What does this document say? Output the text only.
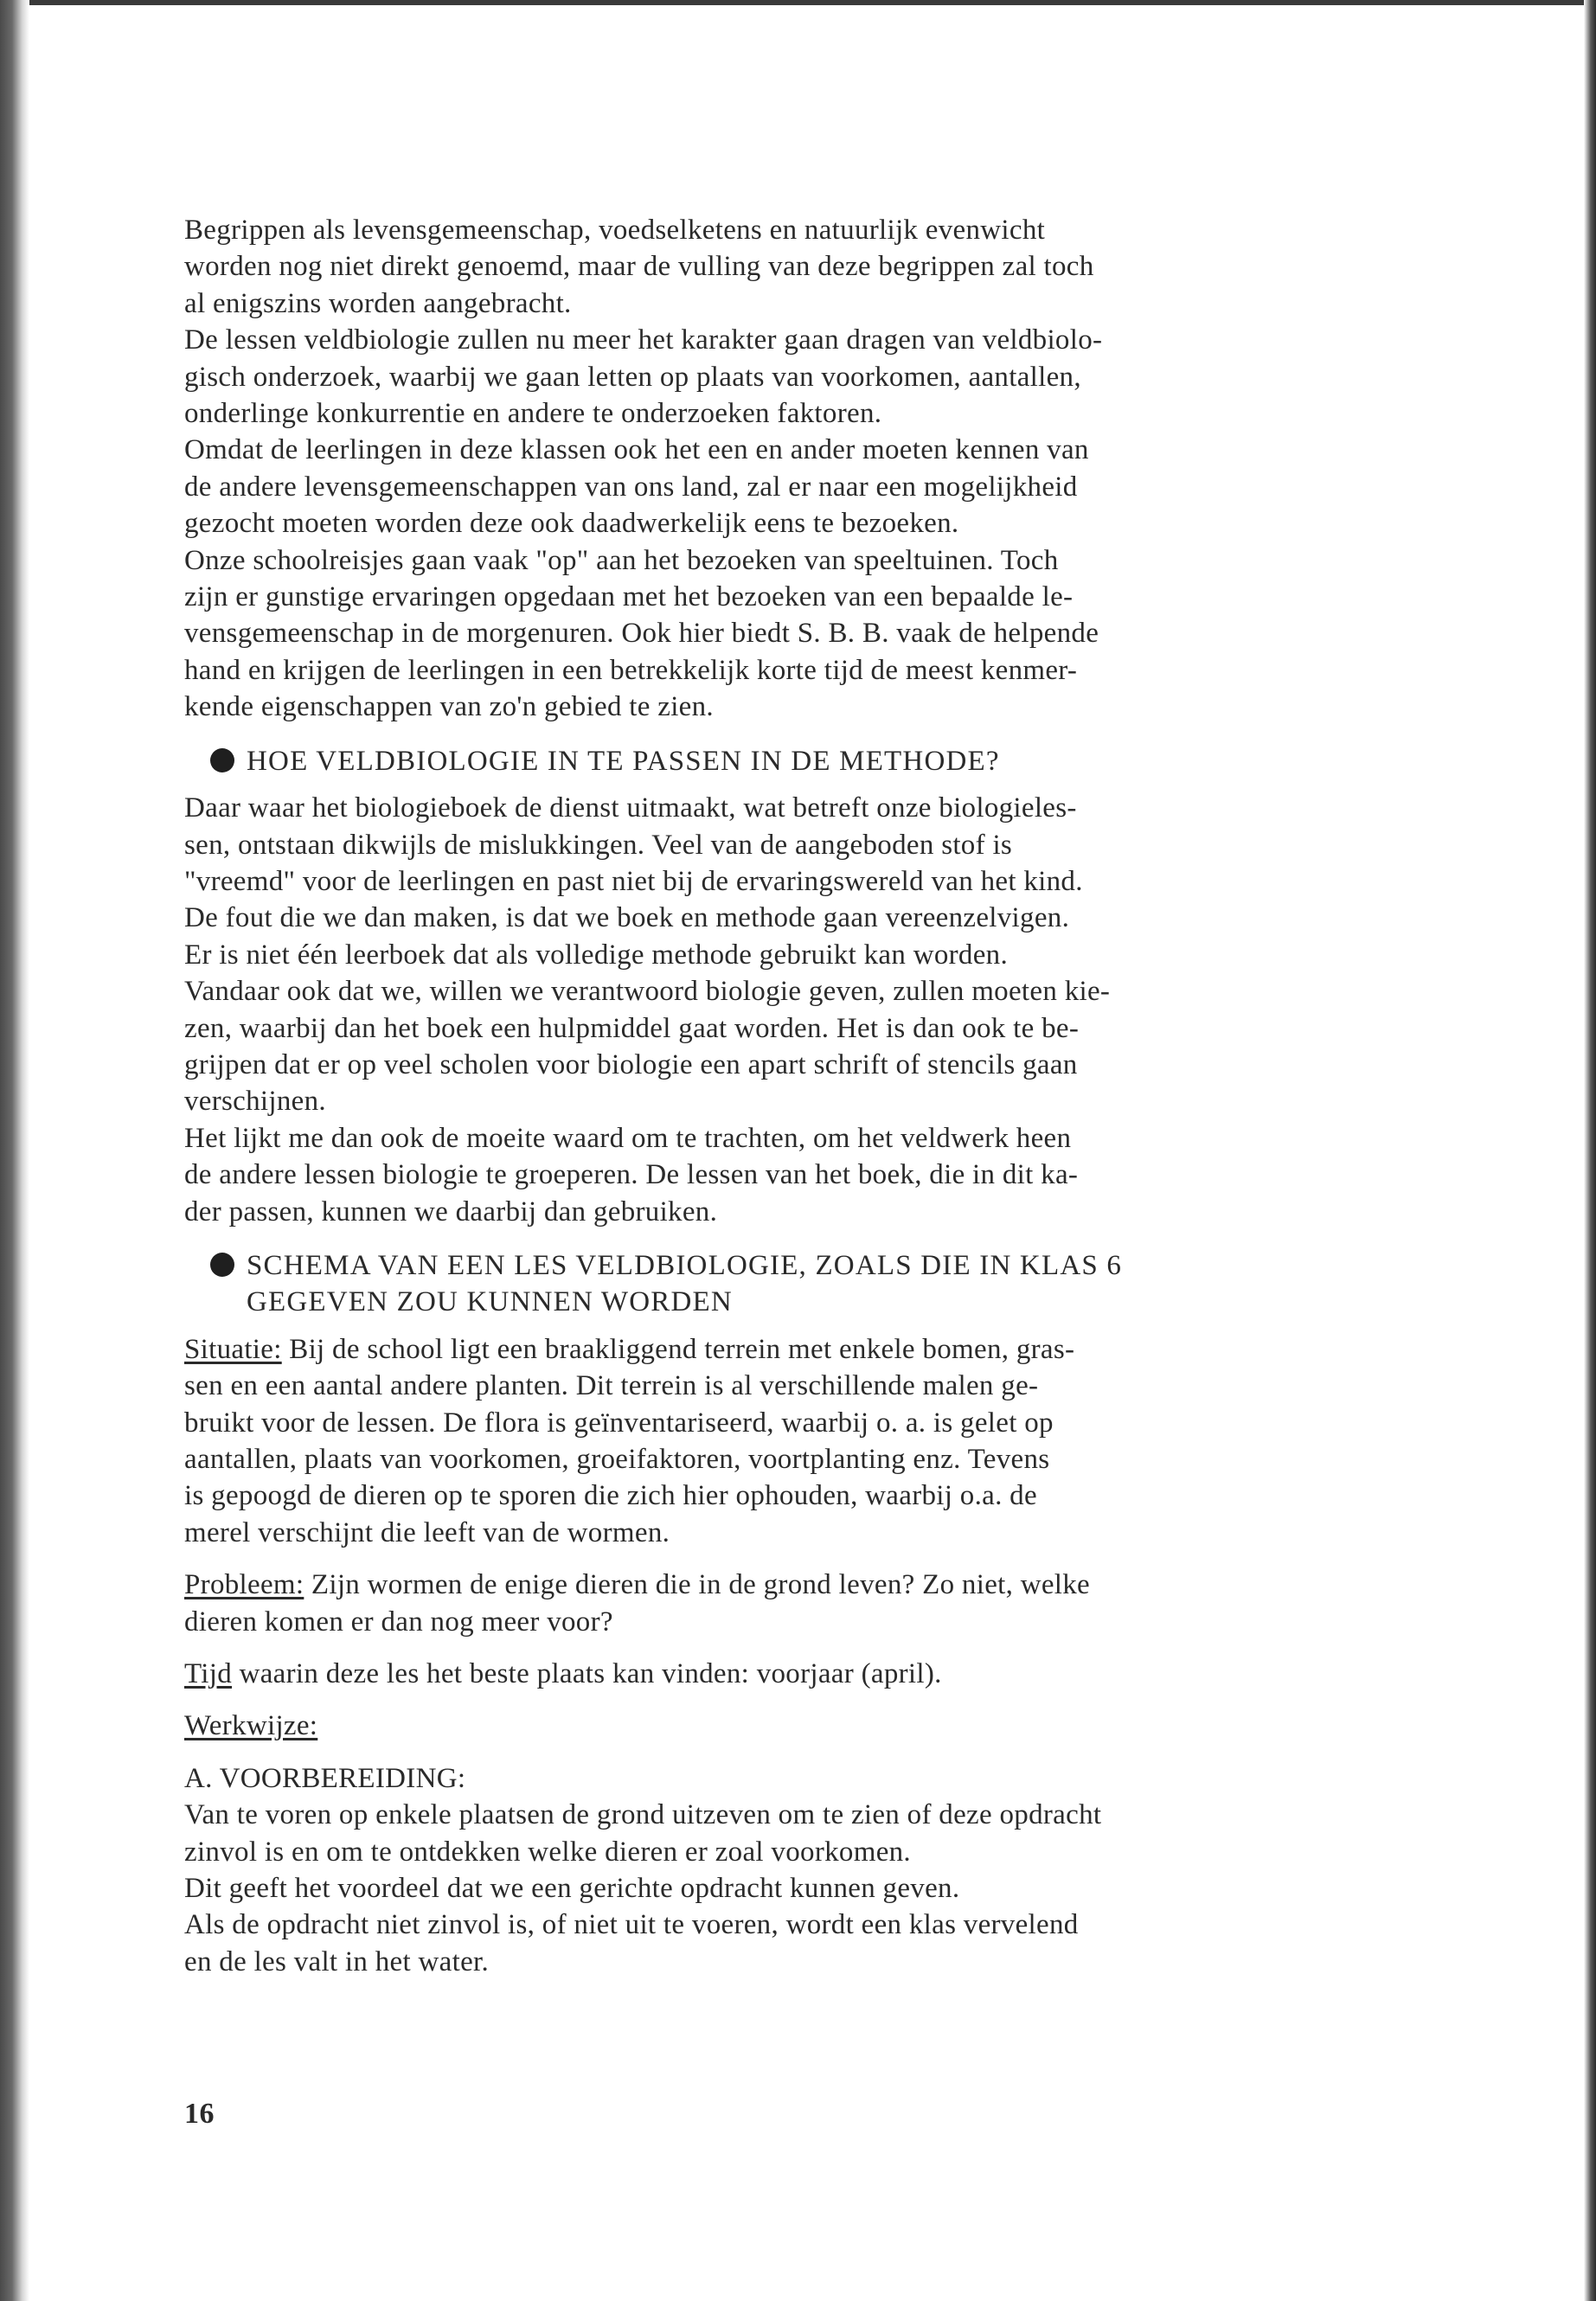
Begrippen als levensgemeenschap, voedselketens en natuurlijk evenwicht

worden nog niet direkt genoemd, maar de vulling van deze begrippen zal toch

al enigszins worden aangebracht.

De lessen veldbiologie zullen nu meer het karakter gaan dragen van veldbiolo-

gisch onderzoek, waarbij we gaan letten op plaats van voorkomen, aantallen,

onderlinge konkurrentie en andere te onderzoeken faktoren.

Omdat de leerlingen in deze klassen ook het een en ander moeten kennen van

de andere levensgemeenschappen van ons land, zal er naar een mogelijkheid

gezocht moeten worden deze ook daadwerkelijk eens te bezoeken.

Onze schoolreisjes gaan vaak "op" aan het bezoeken van speeltuinen. Toch

zijn er gunstige ervaringen opgedaan met het bezoeken van een bepaalde le-

vensgemeenschap in de morgenuren. Ook hier biedt S. B. B. vaak de helpende

hand en krijgen de leerlingen in een betrekkelijk korte tijd de meest kenmer-

kende eigenschappen van zo'n gebied te zien.

HOE VELDBIOLOGIE IN TE PASSEN IN DE METHODE?

Daar waar het biologieboek de dienst uitmaakt, wat betreft onze biologieles-

sen, ontstaan dikwijls de mislukkingen. Veel van de aangeboden stof is

"vreemd" voor de leerlingen en past niet bij de ervaringswereld van het kind.

De fout die we dan maken, is dat we boek en methode gaan vereenzelvigen.

Er is niet één leerboek dat als volledige methode gebruikt kan worden.

Vandaar ook dat we, willen we verantwoord biologie geven, zullen moeten kie-

zen, waarbij dan het boek een hulpmiddel gaat worden. Het is dan ook te be-

grijpen dat er op veel scholen voor biologie een apart schrift of stencils gaan

verschijnen.

Het lijkt me dan ook de moeite waard om te trachten, om het veldwerk heen

de andere lessen biologie te groeperen. De lessen van het boek, die in dit ka-

der passen, kunnen we daarbij dan gebruiken.

SCHEMA VAN EEN LES VELDBIOLOGIE, ZOALS DIE IN KLAS 6
GEGEVEN ZOU KUNNEN WORDEN

Situatie: Bij de school ligt een braakliggend terrein met enkele bomen, gras-

sen en een aantal andere planten. Dit terrein is al verschillende malen ge-

bruikt voor de lessen. De flora is geïnventariseerd, waarbij o. a. is gelet op

aantallen, plaats van voorkomen, groeifaktoren, voortplanting enz. Tevens

is gepoogd de dieren op te sporen die zich hier ophouden, waarbij o.a. de

merel verschijnt die leeft van de wormen.

Probleem: Zijn wormen de enige dieren die in de grond leven? Zo niet, welke

dieren komen er dan nog meer voor?

Tijd waarin deze les het beste plaats kan vinden: voorjaar (april).

Werkwijze:

A. VOORBEREIDING:

Van te voren op enkele plaatsen de grond uitzeven om te zien of deze opdracht

zinvol is en om te ontdekken welke dieren er zoal voorkomen.

Dit geeft het voordeel dat we een gerichte opdracht kunnen geven.

Als de opdracht niet zinvol is, of niet uit te voeren, wordt een klas vervelend

en de les valt in het water.

16
